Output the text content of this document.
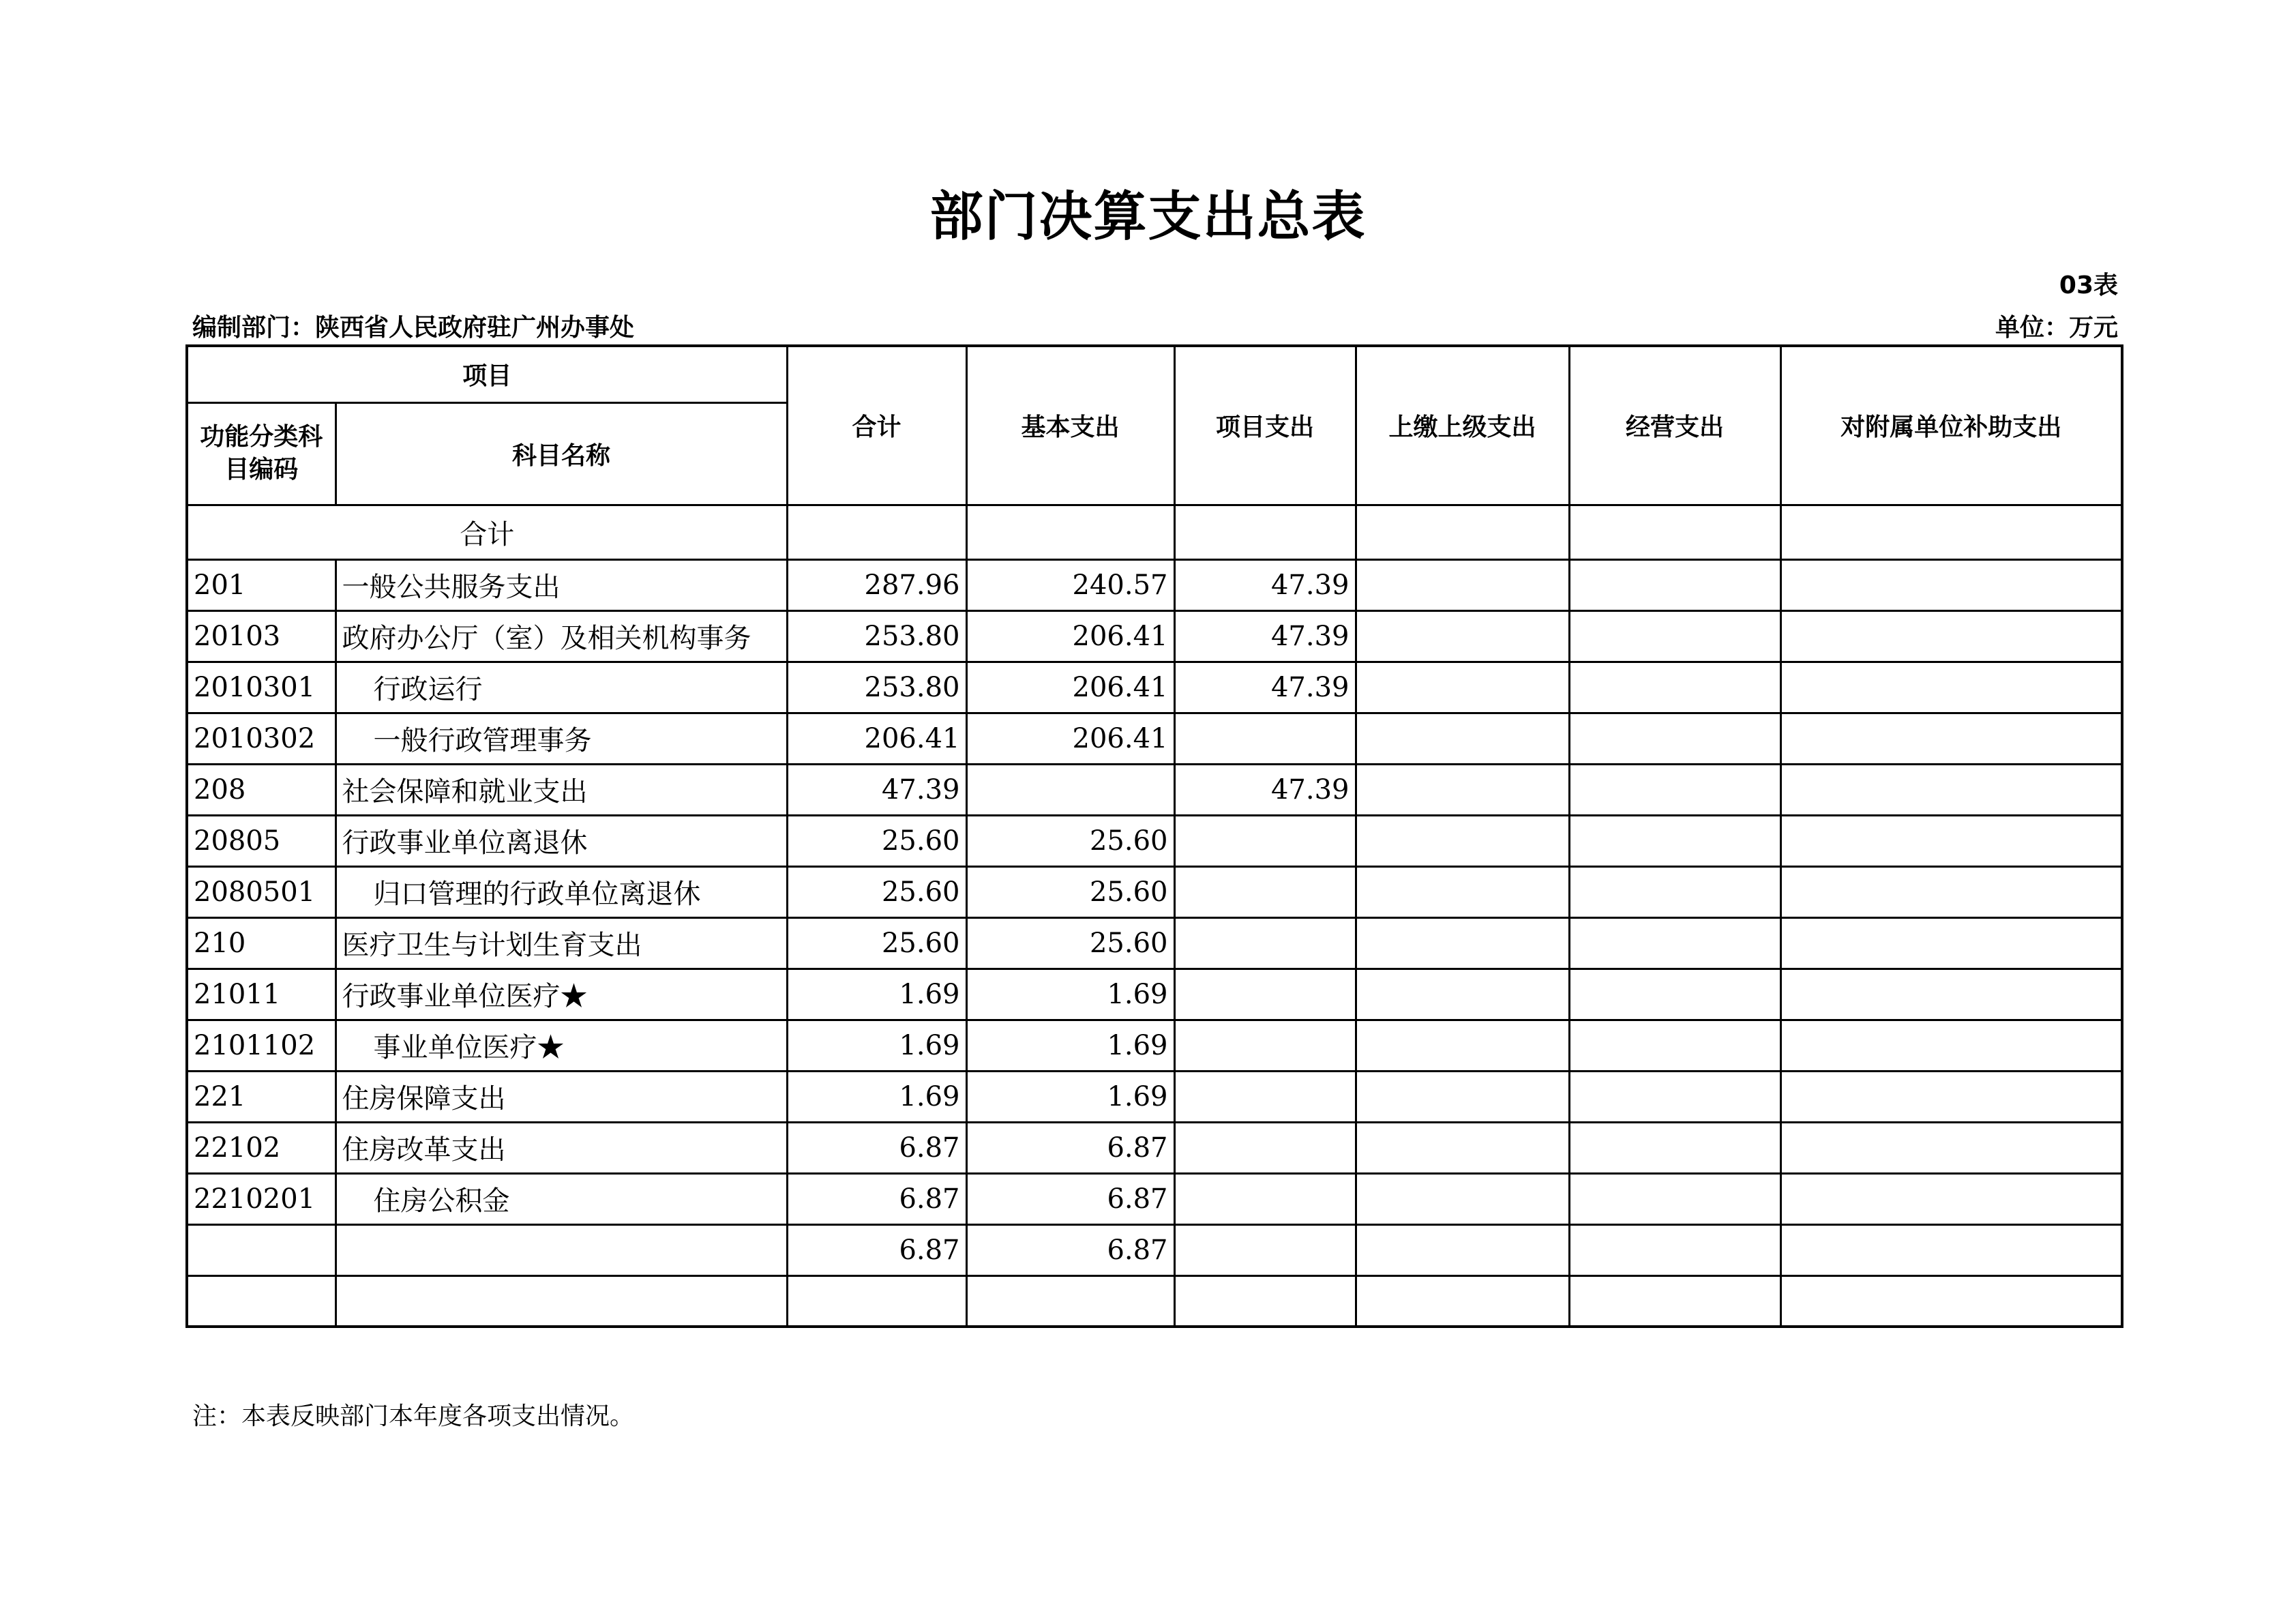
部门决算支出总表
03表
编制部门：陕西省人民政府驻广州办事处	单位：万元
项目		合计	基本支出	项目支出	上缴上级支出	经营支出	对附属单位补助支出
功能分类科目编码	科目名称						
合计							
201	一般公共服务支出	287.96	240.57	47.39			
20103	政府办公厅（室）及相关机构事务	253.80	206.41	47.39			
2010301	行政运行	253.80	206.41	47.39			
2010302	一般行政管理事务	206.41	206.41				
208	社会保障和就业支出	47.39		47.39			
20805	行政事业单位离退休	25.60	25.60				
2080501	归口管理的行政单位离退休	25.60	25.60				
210	医疗卫生与计划生育支出	25.60	25.60				
21011	行政事业单位医疗★	1.69	1.69				
2101102	事业单位医疗★	1.69	1.69				
221	住房保障支出	1.69	1.69				
22102	住房改革支出	6.87	6.87				
2210201	住房公积金	6.87	6.87				
		6.87	6.87				

注：本表反映部门本年度各项支出情况。
